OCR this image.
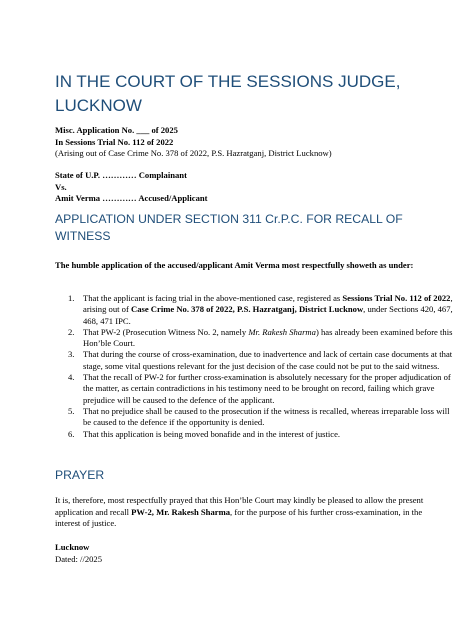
IN THE COURT OF THE SESSIONS JUDGE, LUCKNOW
Misc. Application No. ___ of 2025
In Sessions Trial No. 112 of 2022
(Arising out of Case Crime No. 378 of 2022, P.S. Hazratganj, District Lucknow)
State of U.P. ………… Complainant
Vs.
Amit Verma ………… Accused/Applicant
APPLICATION UNDER SECTION 311 Cr.P.C. FOR RECALL OF WITNESS
The humble application of the accused/applicant Amit Verma most respectfully showeth as under:
1. That the applicant is facing trial in the above-mentioned case, registered as Sessions Trial No. 112 of 2022, arising out of Case Crime No. 378 of 2022, P.S. Hazratganj, District Lucknow, under Sections 420, 467, 468, 471 IPC.
2. That PW-2 (Prosecution Witness No. 2, namely Mr. Rakesh Sharma) has already been examined before this Hon’ble Court.
3. That during the course of cross-examination, due to inadvertence and lack of certain case documents at that stage, some vital questions relevant for the just decision of the case could not be put to the said witness.
4. That the recall of PW-2 for further cross-examination is absolutely necessary for the proper adjudication of the matter, as certain contradictions in his testimony need to be brought on record, failing which grave prejudice will be caused to the defence of the applicant.
5. That no prejudice shall be caused to the prosecution if the witness is recalled, whereas irreparable loss will be caused to the defence if the opportunity is denied.
6. That this application is being moved bonafide and in the interest of justice.
PRAYER
It is, therefore, most respectfully prayed that this Hon’ble Court may kindly be pleased to allow the present application and recall PW-2, Mr. Rakesh Sharma, for the purpose of his further cross-examination, in the interest of justice.
Lucknow
Dated: //2025
